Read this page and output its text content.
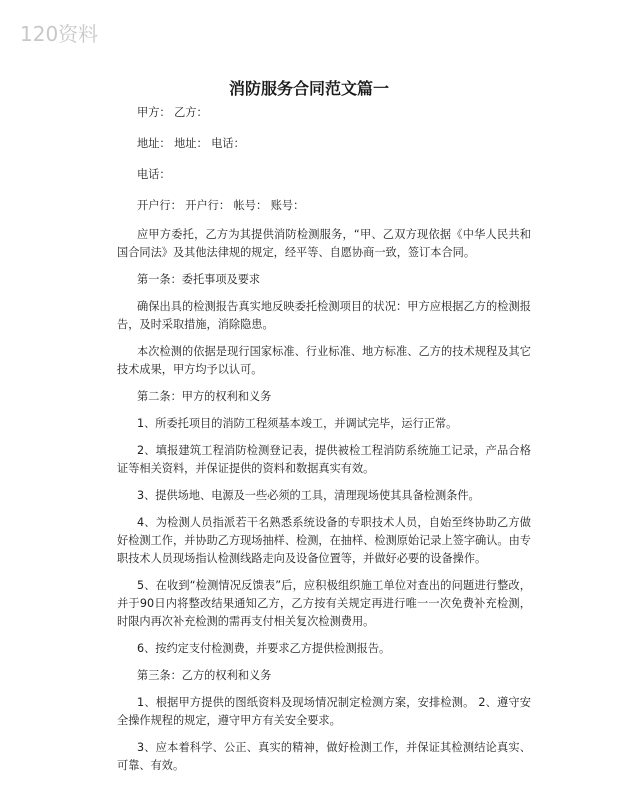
120资料
消防服务合同范文篇一
甲方： 乙方：
地址： 地址： 电话：
电话：
开户行： 开户行： 帐号： 账号：

应甲方委托，乙方为其提供消防检测服务，“甲、乙双方现依据《中华人民共和国合同法》及其他法律规的规定，经平等、自愿协商一致，签订本合同。

第一条：委托事项及要求

确保出具的检测报告真实地反映委托检测项目的状况：甲方应根据乙方的检测报告，及时采取措施，消除隐患。

本次检测的依据是现行国家标准、行业标准、地方标准、乙方的技术规程及其它技术成果，甲方均予以认可。

第二条：甲方的权利和义务

1、所委托项目的消防工程须基本竣工，并调试完毕，运行正常。

2、填报建筑工程消防检测登记表，提供被检工程消防系统施工记录，产品合格证等相关资料，并保证提供的资料和数据真实有效。

3、提供场地、电源及一些必须的工具，清理现场使其具备检测条件。

4、为检测人员指派若干名熟悉系统设备的专职技术人员，自始至终协助乙方做好检测工作，并协助乙方现场抽样、检测，在抽样、检测原始记录上签字确认。由专职技术人员现场指认检测线路走向及设备位置等，并做好必要的设备操作。

5、在收到“检测情况反馈表”后，应积极组织施工单位对查出的问题进行整改，并于90日内将整改结果通知乙方，乙方按有关规定再进行唯一一次免费补充检测，时限内再次补充检测的需再支付相关复次检测费用。

6、按约定支付检测费，并要求乙方提供检测报告。

第三条：乙方的权利和义务

1、根据甲方提供的图纸资料及现场情况制定检测方案，安排检测。 2、遵守安全操作规程的规定，遵守甲方有关安全要求。

3、应本着科学、公正、真实的精神，做好检测工作，并保证其检测结论真实、可靠、有效。
